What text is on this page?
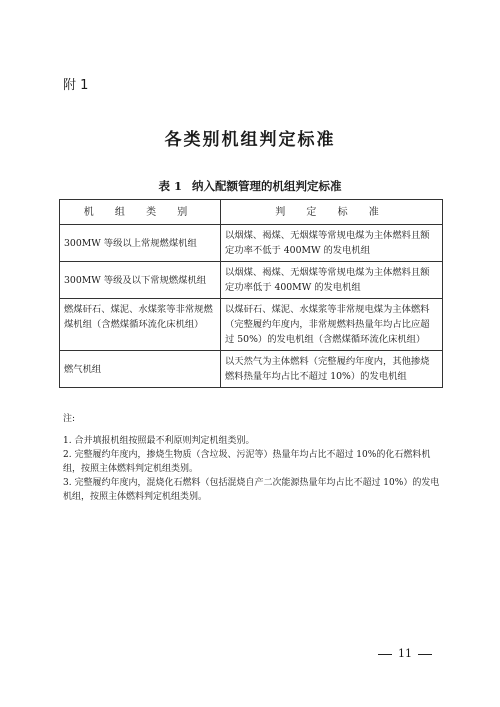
附 1
各类别机组判定标准
表 1 纳入配额管理的机组判定标准
机 组 类 别	判 定 标 准
300MW 等级以上常规燃煤机组	以烟煤、褐煤、无烟煤等常规电煤为主体燃料且额定功率不低于 400MW 的发电机组
300MW 等级及以下常规燃煤机组	以烟煤、褐煤、无烟煤等常规电煤为主体燃料且额定功率低于 400MW 的发电机组
燃煤矸石、煤泥、水煤浆等非常规燃煤机组（含燃煤循环流化床机组）	以煤矸石、煤泥、水煤浆等非常规电煤为主体燃料（完整履约年度内，非常规燃料热量年均占比应超过 50%）的发电机组（含燃煤循环流化床机组）
燃气机组	以天然气为主体燃料（完整履约年度内，其他掺烧燃料热量年均占比不超过 10%）的发电机组
注:
1. 合并填报机组按照最不利原则判定机组类别。
2. 完整履约年度内，掺烧生物质（含垃圾、污泥等）热量年均占比不超过 10%的化石燃料机组，按照主体燃料判定机组类别。
3. 完整履约年度内，混烧化石燃料（包括混烧自产二次能源热量年均占比不超过 10%）的发电机组，按照主体燃料判定机组类别。
11
